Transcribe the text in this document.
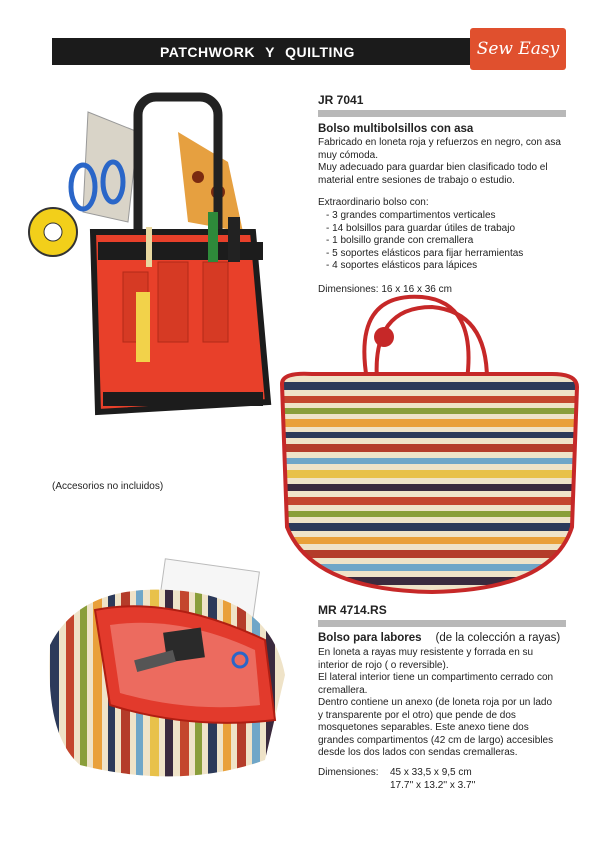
PATCHWORK Y QUILTING	Sew Easy
JR 7041
Bolso multibolsillos con asa

Fabricado en loneta roja y refuerzos en negro, con asa

muy cómoda.

Muy adecuado para guardar bien clasificado todo el

material entre sesiones de trabajo o estudio.

Extraordinario bolso con:
- 3 grandes compartimentos verticales
- 14 bolsillos para guardar útiles de trabajo
- 1 bolsillo grande con cremallera
- 5 soportes elásticos para fijar herramientas
- 4 soportes elásticos para lápices
Dimensiones: 16 x 16 x 36 cm
(Accesorios no incluidos)
MR 4714.RS
Bolso para labores (de la colección a rayas)

En loneta a rayas muy resistente y forrada en su

interior de rojo ( o reversible).

El lateral interior tiene un compartimento cerrado con

cremallera.

Dentro contiene un anexo (de loneta roja por un lado

y transparente por el otro) que pende de dos

mosquetones separables. Este anexo tiene dos

grandes compartimentos (42 cm de largo) accesibles

desde los dos lados con sendas cremalleras.

Dimensiones: 45 x 33,5 x 9,5 cm

17.7'' x 13.2'' x 3.7''
